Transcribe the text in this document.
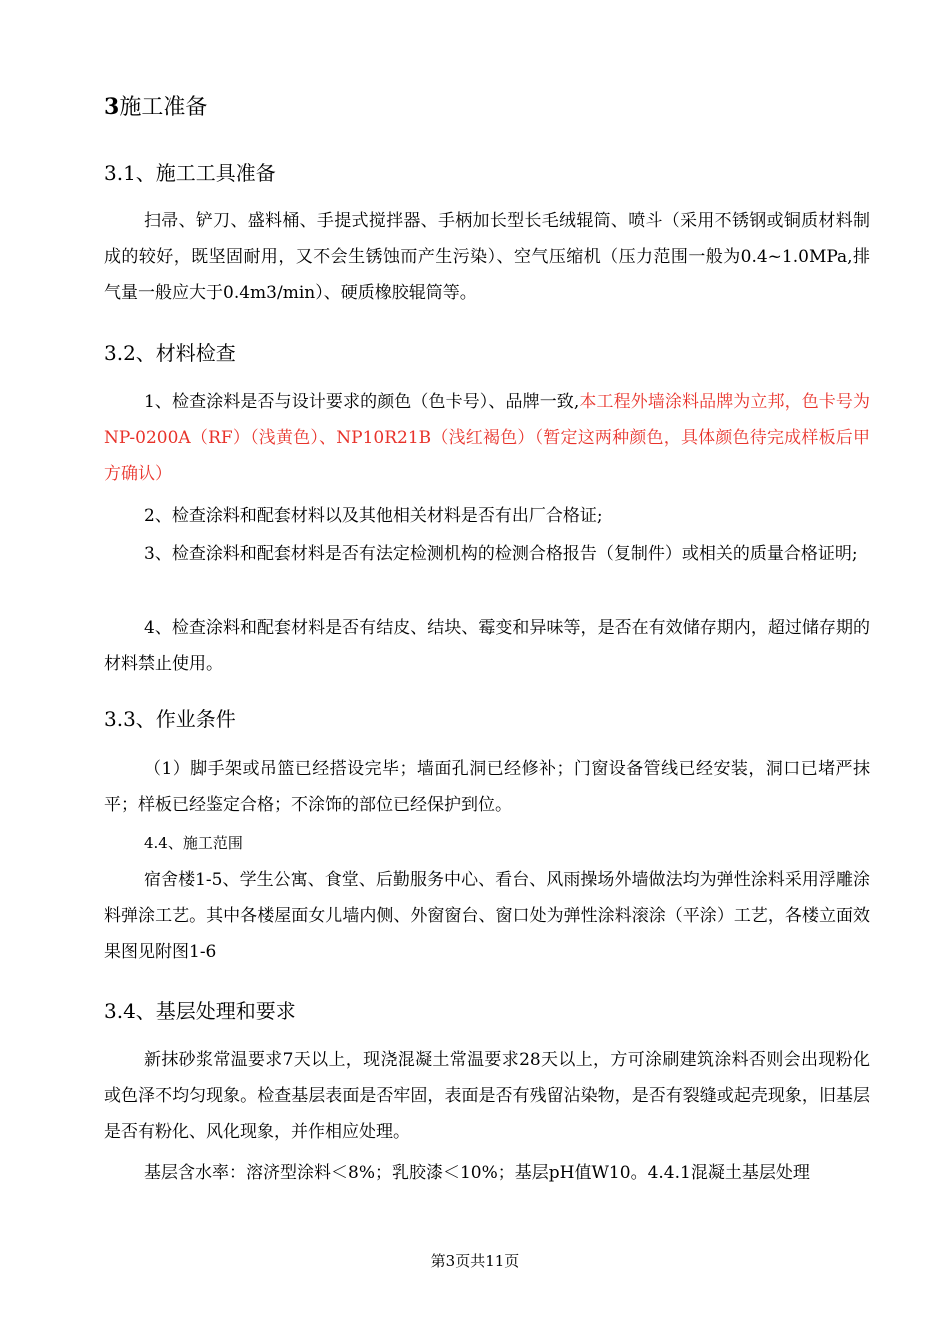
3施工准备
3.1、施工工具准备
扫帚、铲刀、盛料桶、手提式搅拌器、手柄加长型长毛绒辊筒、喷斗（采用不锈钢或铜质材料制成的较好，既坚固耐用，又不会生锈蚀而产生污染）、空气压缩机（压力范围一般为0.4~1.0MPa,排气量一般应大于0.4m3/min）、硬质橡胶辊筒等。
3.2、材料检查
1、检查涂料是否与设计要求的颜色（色卡号）、品牌一致,本工程外墙涂料品牌为立邦，色卡号为NP-0200A（RF）（浅黄色）、NP10R21B（浅红褐色）（暂定这两种颜色，具体颜色待完成样板后甲方确认）
2、检查涂料和配套材料以及其他相关材料是否有出厂合格证;
3、检查涂料和配套材料是否有法定检测机构的检测合格报告（复制件）或相关的质量合格证明;
4、检查涂料和配套材料是否有结皮、结块、霉变和异味等，是否在有效储存期内，超过储存期的材料禁止使用。
3.3、作业条件
（1）脚手架或吊篮已经搭设完毕；墙面孔洞已经修补；门窗设备管线已经安装，洞口已堵严抹平；样板已经鉴定合格；不涂饰的部位已经保护到位。
4.4、施工范围
宿舍楼1-5、学生公寓、食堂、后勤服务中心、看台、风雨操场外墙做法均为弹性涂料采用浮雕涂料弹涂工艺。其中各楼屋面女儿墙内侧、外窗窗台、窗口处为弹性涂料滚涂（平涂）工艺，各楼立面效果图见附图1-6
3.4、基层处理和要求
新抹砂浆常温要求7天以上，现浇混凝土常温要求28天以上，方可涂刷建筑涂料否则会出现粉化或色泽不均匀现象。检查基层表面是否牢固，表面是否有残留沾染物，是否有裂缝或起壳现象，旧基层是否有粉化、风化现象，并作相应处理。
基层含水率：溶济型涂料＜8%；乳胶漆＜10%；基层pH值W10。4.4.1混凝土基层处理
第3页共11页
